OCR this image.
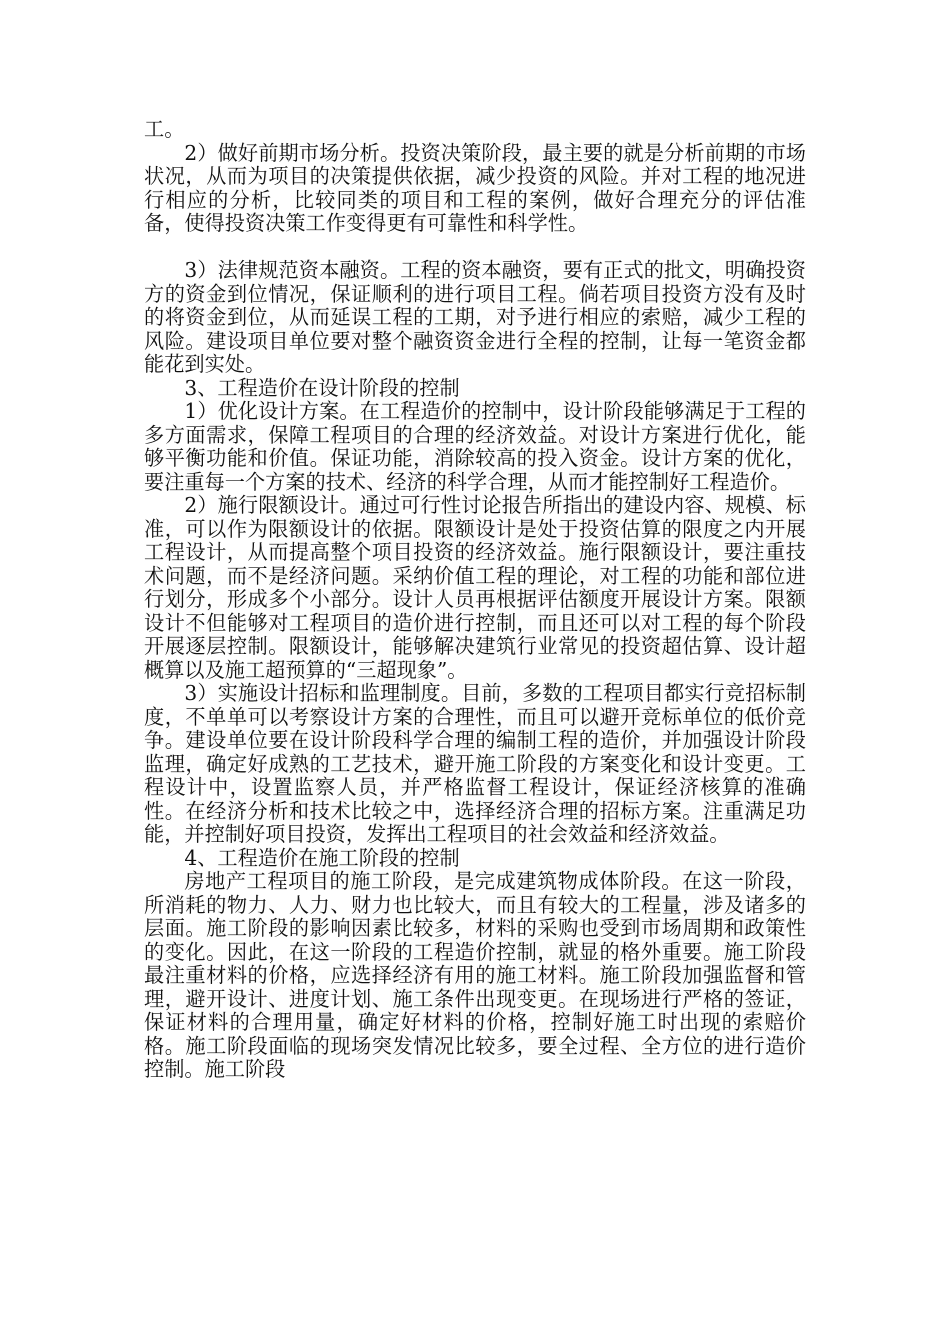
工。

2）做好前期市场分析。投资决策阶段，最主要的就是分析前期的市场状况，从而为项目的决策提供依据，减少投资的风险。并对工程的地况进行相应的分析，比较同类的项目和工程的案例，做好合理充分的评估准备，使得投资决策工作变得更有可靠性和科学性。

3）法律规范资本融资。工程的资本融资，要有正式的批文，明确投资方的资金到位情况，保证顺利的进行项目工程。倘若项目投资方没有及时的将资金到位，从而延误工程的工期，对予进行相应的索赔，减少工程的风险。建设项目单位要对整个融资资金进行全程的控制，让每一笔资金都能花到实处。

3、工程造价在设计阶段的控制

1）优化设计方案。在工程造价的控制中，设计阶段能够满足于工程的多方面需求，保障工程项目的合理的经济效益。对设计方案进行优化，能够平衡功能和价值。保证功能，消除较高的投入资金。设计方案的优化，要注重每一个方案的技术、经济的科学合理，从而才能控制好工程造价。

2）施行限额设计。通过可行性讨论报告所指出的建设内容、规模、标准，可以作为限额设计的依据。限额设计是处于投资估算的限度之内开展工程设计，从而提高整个项目投资的经济效益。施行限额设计，要注重技术问题，而不是经济问题。采纳价值工程的理论，对工程的功能和部位进行划分，形成多个小部分。设计人员再根据评估额度开展设计方案。限额设计不但能够对工程项目的造价进行控制，而且还可以对工程的每个阶段开展逐层控制。限额设计，能够解决建筑行业常见的投资超估算、设计超概算以及施工超预算的“三超现象”。

3）实施设计招标和监理制度。目前，多数的工程项目都实行竞招标制度，不单单可以考察设计方案的合理性，而且可以避开竞标单位的低价竞争。建设单位要在设计阶段科学合理的编制工程的造价，并加强设计阶段监理，确定好成熟的工艺技术，避开施工阶段的方案变化和设计变更。工程设计中，设置监察人员，并严格监督工程设计，保证经济核算的准确性。在经济分析和技术比较之中，选择经济合理的招标方案。注重满足功能，并控制好项目投资，发挥出工程项目的社会效益和经济效益。

4、工程造价在施工阶段的控制

房地产工程项目的施工阶段，是完成建筑物成体阶段。在这一阶段，所消耗的物力、人力、财力也比较大，而且有较大的工程量，涉及诸多的层面。施工阶段的影响因素比较多，材料的采购也受到市场周期和政策性的变化。因此，在这一阶段的工程造价控制，就显的格外重要。施工阶段最注重材料的价格，应选择经济有用的施工材料。施工阶段加强监督和管理，避开设计、进度计划、施工条件出现变更。在现场进行严格的签证，保证材料的合理用量，确定好材料的价格，控制好施工时出现的索赔价格。施工阶段面临的现场突发情况比较多，要全过程、全方位的进行造价控制。施工阶段
